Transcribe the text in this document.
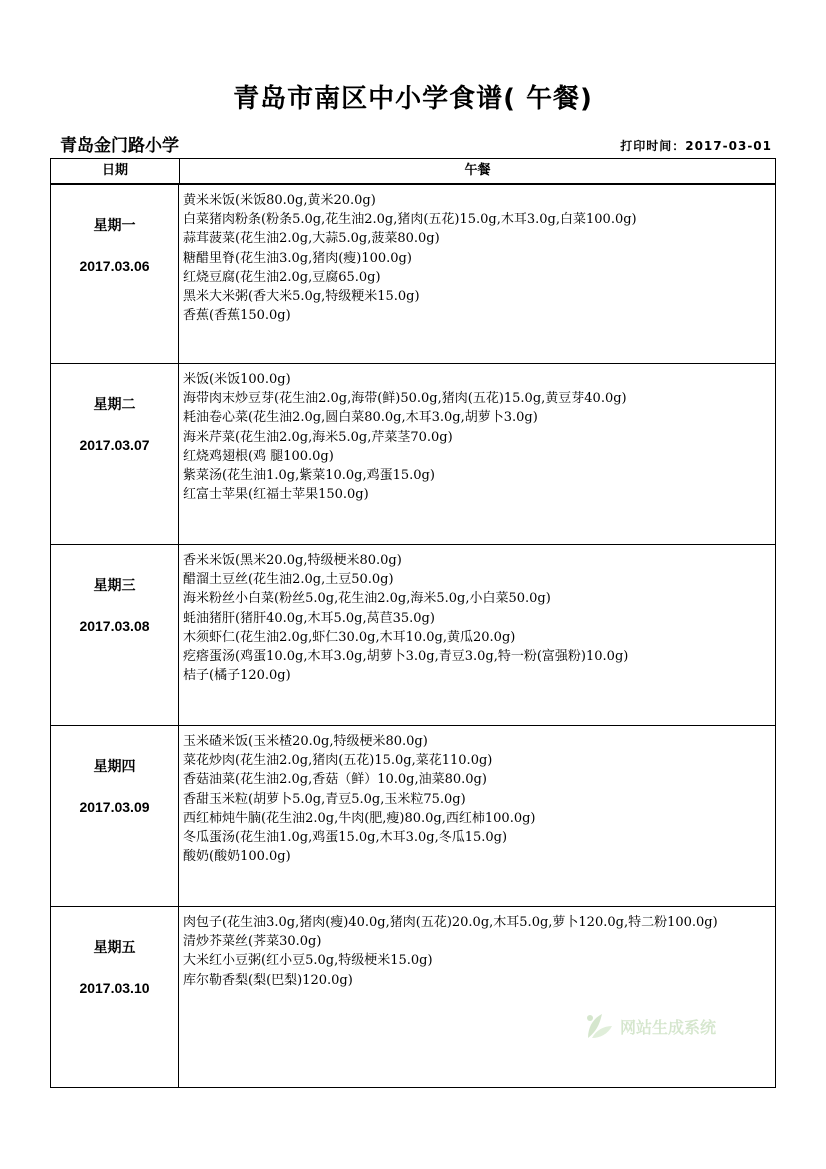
青岛市南区中小学食谱( 午餐)
青岛金门路小学	打印时间：2017-03-01
日期	午餐
星期一
2017.03.06
黄米米饭(米饭80.0g,黄米20.0g)
白菜猪肉粉条(粉条5.0g,花生油2.0g,猪肉(五花)15.0g,木耳3.0g,白菜100.0g)
蒜茸菠菜(花生油2.0g,大蒜5.0g,菠菜80.0g)
糖醋里脊(花生油3.0g,猪肉(瘦)100.0g)
红烧豆腐(花生油2.0g,豆腐65.0g)
黑米大米粥(香大米5.0g,特级粳米15.0g)
香蕉(香蕉150.0g)
星期二
2017.03.07
米饭(米饭100.0g)
海带肉末炒豆芽(花生油2.0g,海带(鲜)50.0g,猪肉(五花)15.0g,黄豆芽40.0g)
耗油卷心菜(花生油2.0g,圆白菜80.0g,木耳3.0g,胡萝卜3.0g)
海米芹菜(花生油2.0g,海米5.0g,芹菜茎70.0g)
红烧鸡翅根(鸡 腿100.0g)
紫菜汤(花生油1.0g,紫菜10.0g,鸡蛋15.0g)
红富士苹果(红福士苹果150.0g)
星期三
2017.03.08
香米米饭(黑米20.0g,特级梗米80.0g)
醋溜土豆丝(花生油2.0g,土豆50.0g)
海米粉丝小白菜(粉丝5.0g,花生油2.0g,海米5.0g,小白菜50.0g)
蚝油猪肝(猪肝40.0g,木耳5.0g,莴苣35.0g)
木须虾仁(花生油2.0g,虾仁30.0g,木耳10.0g,黄瓜20.0g)
疙瘩蛋汤(鸡蛋10.0g,木耳3.0g,胡萝卜3.0g,青豆3.0g,特一粉(富强粉)10.0g)
桔子(橘子120.0g)
星期四
2017.03.09
玉米碴米饭(玉米楂20.0g,特级梗米80.0g)
菜花炒肉(花生油2.0g,猪肉(五花)15.0g,菜花110.0g)
香菇油菜(花生油2.0g,香菇（鲜）10.0g,油菜80.0g)
香甜玉米粒(胡萝卜5.0g,青豆5.0g,玉米粒75.0g)
西红柿炖牛腩(花生油2.0g,牛肉(肥,瘦)80.0g,西红柿100.0g)
冬瓜蛋汤(花生油1.0g,鸡蛋15.0g,木耳3.0g,冬瓜15.0g)
酸奶(酸奶100.0g)
星期五
2017.03.10
肉包子(花生油3.0g,猪肉(瘦)40.0g,猪肉(五花)20.0g,木耳5.0g,萝卜120.0g,特二粉100.0g)
清炒芥菜丝(荠菜30.0g)
大米红小豆粥(红小豆5.0g,特级梗米15.0g)
库尔勒香梨(梨(巴梨)120.0g)
网站生成系统
